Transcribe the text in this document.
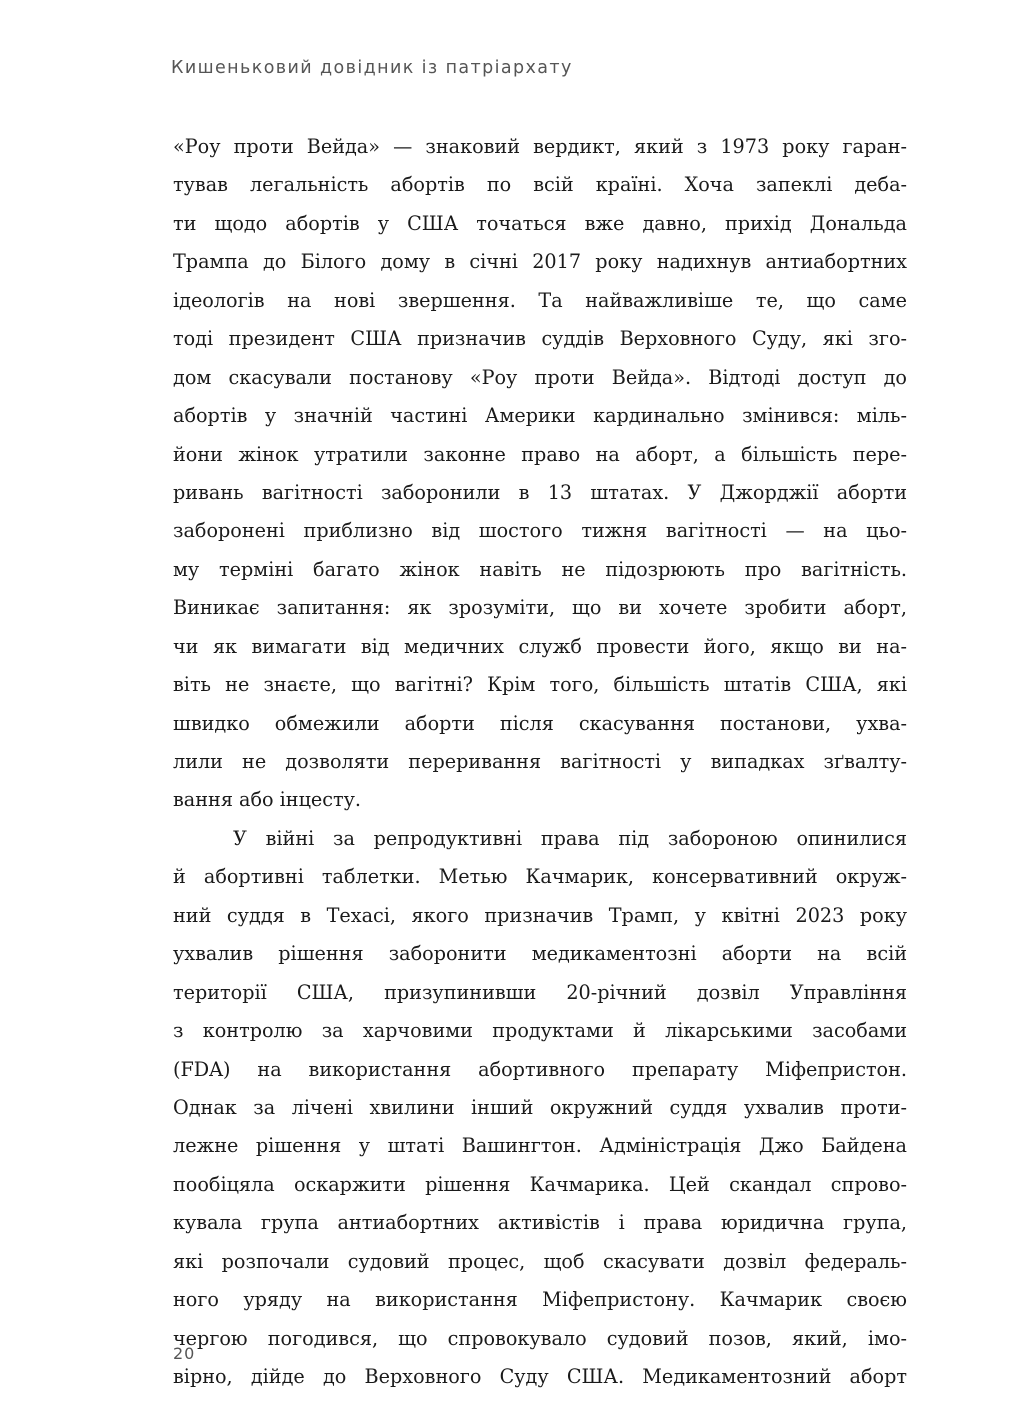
Кишеньковий довідник із патріархату
«Роу проти Вейда» — знаковий вердикт, який з 1973 року гаран-
тував легальність абортів по всій країні. Хоча запеклі деба-
ти щодо абортів у США точаться вже давно, прихід Дональда
Трампа до Білого дому в січні 2017 року надихнув антиабортних
ідеологів на нові звершення. Та найважливіше те, що саме
тоді президент США призначив суддів Верховного Суду, які зго-
дом скасували постанову «Роу проти Вейда». Відтоді доступ до
абортів у значній частині Америки кардинально змінився: міль-
йони жінок утратили законне право на аборт, а більшість пере-
ривань вагітності заборонили в 13 штатах. У Джорджії аборти
заборонені приблизно від шостого тижня вагітності — на цьо-
му терміні багато жінок навіть не підозрюють про вагітність.
Виникає запитання: як зрозуміти, що ви хочете зробити аборт,
чи як вимагати від медичних служб провести його, якщо ви на-
віть не знаєте, що вагітні? Крім того, більшість штатів США, які
швидко обмежили аборти після скасування постанови, ухва-
лили не дозволяти переривання вагітності у випадках зґвалту-
вання або інцесту.
У війні за репродуктивні права під забороною опинилися
й абортивні таблетки. Метью Качмарик, консервативний окруж-
ний суддя в Техасі, якого призначив Трамп, у квітні 2023 року
ухвалив рішення заборонити медикаментозні аборти на всій
території США, призупинивши 20-річний дозвіл Управління
з контролю за харчовими продуктами й лікарськими засобами
(FDA) на використання абортивного препарату Міфепристон.
Однак за лічені хвилини інший окружний суддя ухвалив проти-
лежне рішення у штаті Вашингтон. Адміністрація Джо Байдена
пообіцяла оскаржити рішення Качмарика. Цей скандал спрово-
кувала група антиабортних активістів і права юридична група,
які розпочали судовий процес, щоб скасувати дозвіл федераль-
ного уряду на використання Міфепристону. Качмарик своєю
чергою погодився, що спровокувало судовий позов, який, імо-
вірно, дійде до Верховного Суду США. Медикаментозний аборт
20
